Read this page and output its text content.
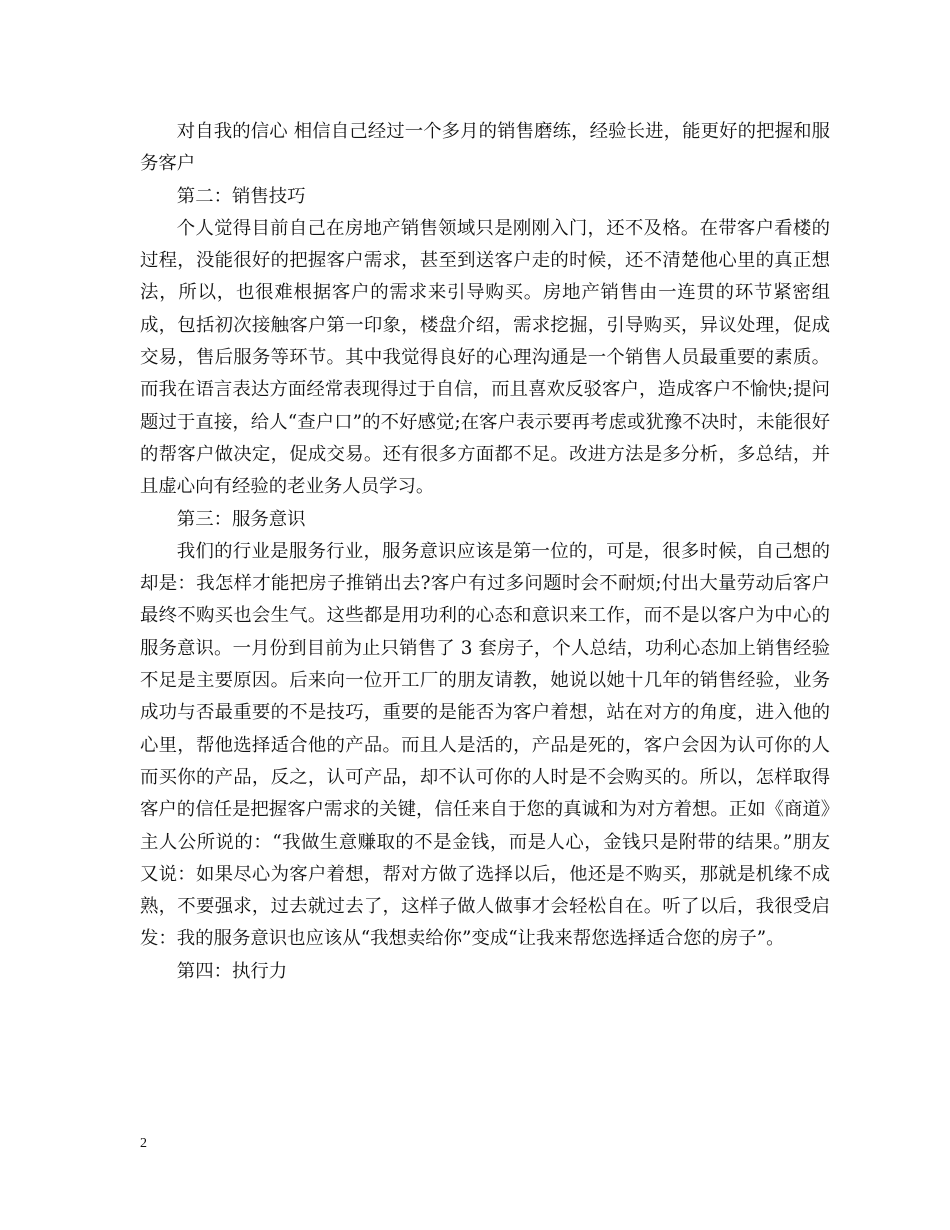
对自我的信心 相信自己经过一个多月的销售磨练，经验长进，能更好的把握和服务客户

第二：销售技巧

个人觉得目前自己在房地产销售领域只是刚刚入门，还不及格。在带客户看楼的过程，没能很好的把握客户需求，甚至到送客户走的时候，还不清楚他心里的真正想法，所以，也很难根据客户的需求来引导购买。房地产销售由一连贯的环节紧密组成，包括初次接触客户第一印象，楼盘介绍，需求挖掘，引导购买，异议处理，促成交易，售后服务等环节。其中我觉得良好的心理沟通是一个销售人员最重要的素质。而我在语言表达方面经常表现得过于自信，而且喜欢反驳客户，造成客户不愉快;提问题过于直接，给人“查户口”的不好感觉;在客户表示要再考虑或犹豫不决时，未能很好的帮客户做决定，促成交易。还有很多方面都不足。改进方法是多分析，多总结，并且虚心向有经验的老业务人员学习。

第三：服务意识

我们的行业是服务行业，服务意识应该是第一位的，可是，很多时候，自己想的却是：我怎样才能把房子推销出去?客户有过多问题时会不耐烦;付出大量劳动后客户最终不购买也会生气。这些都是用功利的心态和意识来工作，而不是以客户为中心的服务意识。一月份到目前为止只销售了 3 套房子，个人总结，功利心态加上销售经验不足是主要原因。后来向一位开工厂的朋友请教，她说以她十几年的销售经验，业务成功与否最重要的不是技巧，重要的是能否为客户着想，站在对方的角度，进入他的心里，帮他选择适合他的产品。而且人是活的，产品是死的，客户会因为认可你的人而买你的产品，反之，认可产品，却不认可你的人时是不会购买的。所以，怎样取得客户的信任是把握客户需求的关键，信任来自于您的真诚和为对方着想。正如《商道》主人公所说的：“我做生意赚取的不是金钱，而是人心，金钱只是附带的结果。”朋友又说：如果尽心为客户着想，帮对方做了选择以后，他还是不购买，那就是机缘不成熟，不要强求，过去就过去了，这样子做人做事才会轻松自在。听了以后，我很受启发：我的服务意识也应该从“我想卖给你”变成“让我来帮您选择适合您的房子”。

第四：执行力

2
